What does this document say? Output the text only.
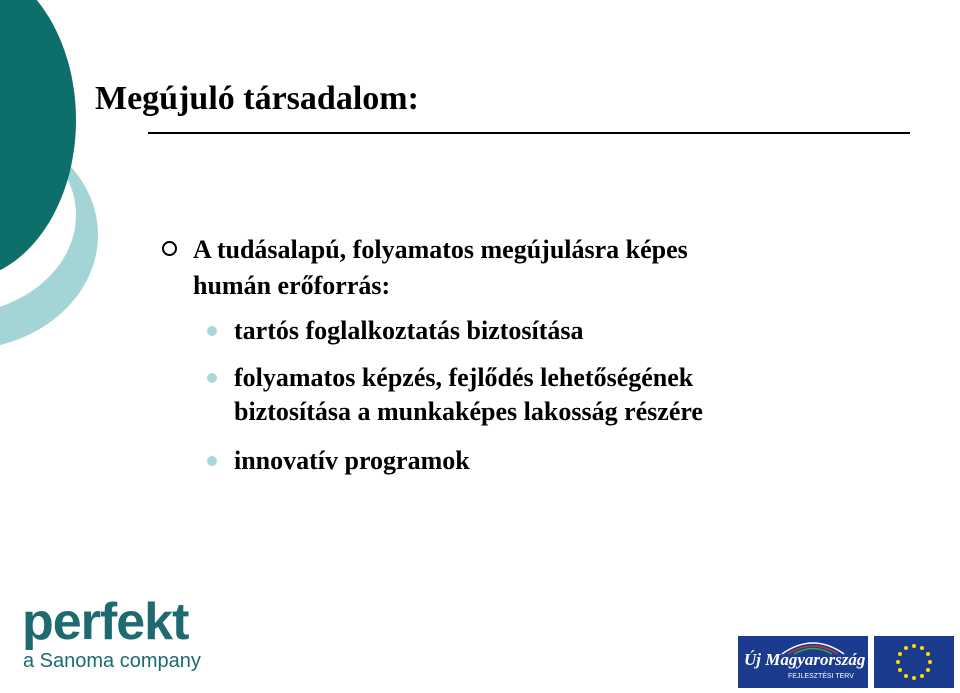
Megújuló társadalom:
A tudásalapú, folyamatos megújulásra képes
humán erőforrás:
tartós foglalkoztatás biztosítása
folyamatos képzés, fejlődés lehetőségének
biztosítása a munkaképes lakosság részére
innovatív programok
perfekt
a Sanoma company	Új Magyarország
FEJLESZTÉSI TERV
